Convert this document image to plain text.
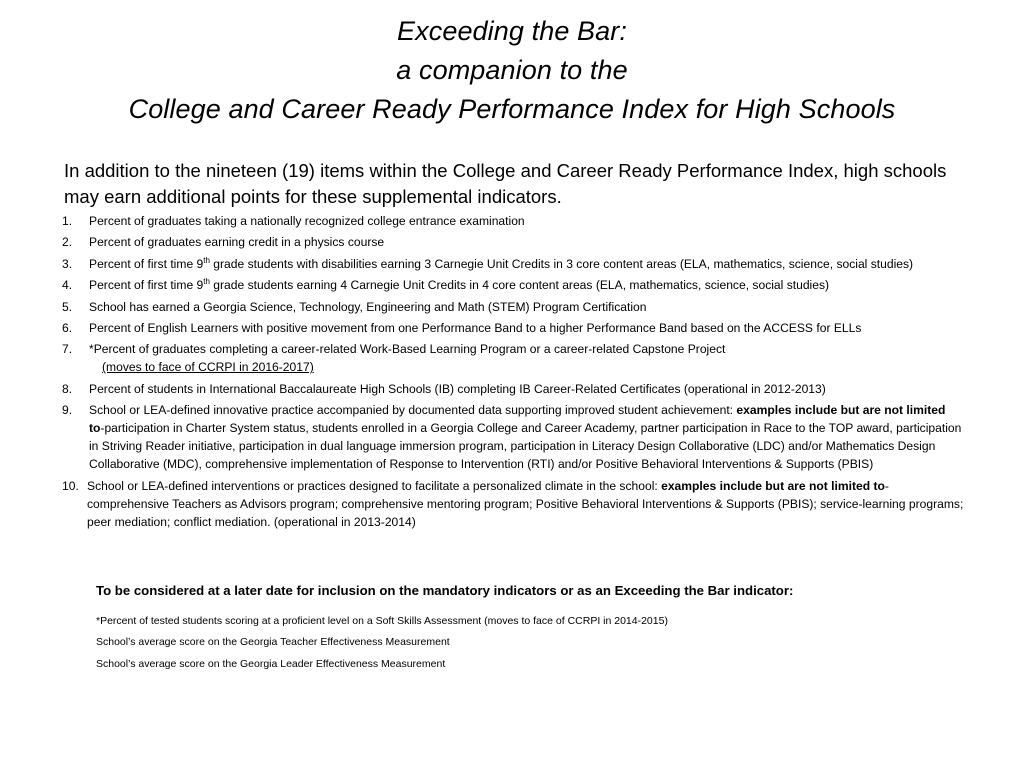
Exceeding the Bar:
a companion to the
College and Career Ready Performance Index for High Schools
In addition to the nineteen (19) items within the College and Career Ready Performance Index, high schools may earn additional points for these supplemental indicators.
1. Percent of graduates taking a nationally recognized college entrance examination
2. Percent of graduates earning credit in a physics course
3. Percent of first time 9th grade students with disabilities earning 3 Carnegie Unit Credits in 3 core content areas (ELA, mathematics, science, social studies)
4. Percent of first time 9th grade students earning 4 Carnegie Unit Credits in 4 core content areas (ELA, mathematics, science, social studies)
5. School has earned a Georgia Science, Technology, Engineering and Math (STEM) Program Certification
6. Percent of English Learners with positive movement from one Performance Band to a higher Performance Band based on the ACCESS for ELLs
7. *Percent of graduates completing a career-related Work-Based Learning Program or a career-related Capstone Project
(moves to face of CCRPI in 2016-2017)
8. Percent of students in International Baccalaureate High Schools (IB) completing IB Career-Related Certificates (operational in 2012-2013)
9. School or LEA-defined innovative practice accompanied by documented data supporting improved student achievement: examples include but are not limited to-participation in Charter System status, students enrolled in a Georgia College and Career Academy, partner participation in Race to the TOP award, participation in Striving Reader initiative, participation in dual language immersion program, participation in Literacy Design Collaborative (LDC) and/or Mathematics Design Collaborative (MDC), comprehensive implementation of Response to Intervention (RTI) and/or Positive Behavioral Interventions & Supports (PBIS)
10. School or LEA-defined interventions or practices designed to facilitate a personalized climate in the school: examples include but are not limited to-comprehensive Teachers as Advisors program; comprehensive mentoring program; Positive Behavioral Interventions & Supports (PBIS); service-learning programs; peer mediation; conflict mediation. (operational in 2013-2014)
To be considered at a later date for inclusion on the mandatory indicators or as an Exceeding the Bar indicator:
*Percent of tested students scoring at a proficient level on a Soft Skills Assessment (moves to face of CCRPI in 2014-2015)
School’s average score on the Georgia Teacher Effectiveness Measurement
School’s average score on the Georgia Leader Effectiveness Measurement
